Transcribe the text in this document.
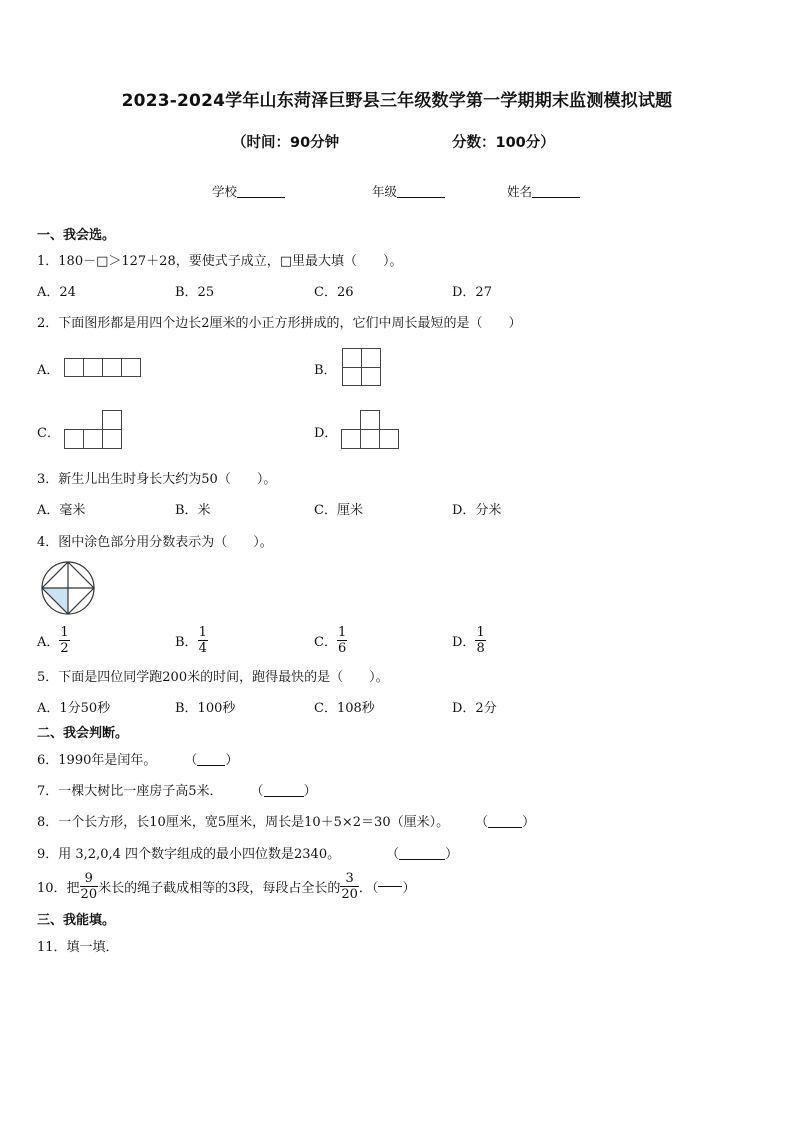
2023-2024学年山东菏泽巨野县三年级数学第一学期期末监测模拟试题
（时间：90分钟	分数：100分）
学校	年级	姓名
一、我会选。
1．180－□＞127＋28，要使式子成立，□里最大填（　　）。
A．24	B．25	C．26	D．27
2．下面图形都是用四个边长2厘米的小正方形拼成的，它们中周长最短的是（　　）
A．	B．
C．	D．
3．新生儿出生时身长大约为50（　　）。
A．毫米	B．米	C．厘米	D．分米
4．图中涂色部分用分数表示为（　　）。
A． $\frac{1}{2}$	B． $\frac{1}{4}$	C． $\frac{1}{6}$	D． $\frac{1}{8}$
5．下面是四位同学跑200米的时间，跑得最快的是（　　）。
A．1分50秒	B．100秒	C．108秒	D．2分
二、我会判断。
6．1990年是闰年。 （ ）
7．一棵大树比一座房子高5米． （	）
8．一个长方形，长10厘米，宽5厘米，周长是10＋5×2＝30（厘米）。 （	）
9．用 3,2,0,4 四个数字组成的最小四位数是2340。	（	）
10．把 $\frac{9}{20}$ 米长的绳子截成相等的3段，每段占全长的 $\frac{3}{20}$ ．（ ）
三、我能填。
11．填一填．
